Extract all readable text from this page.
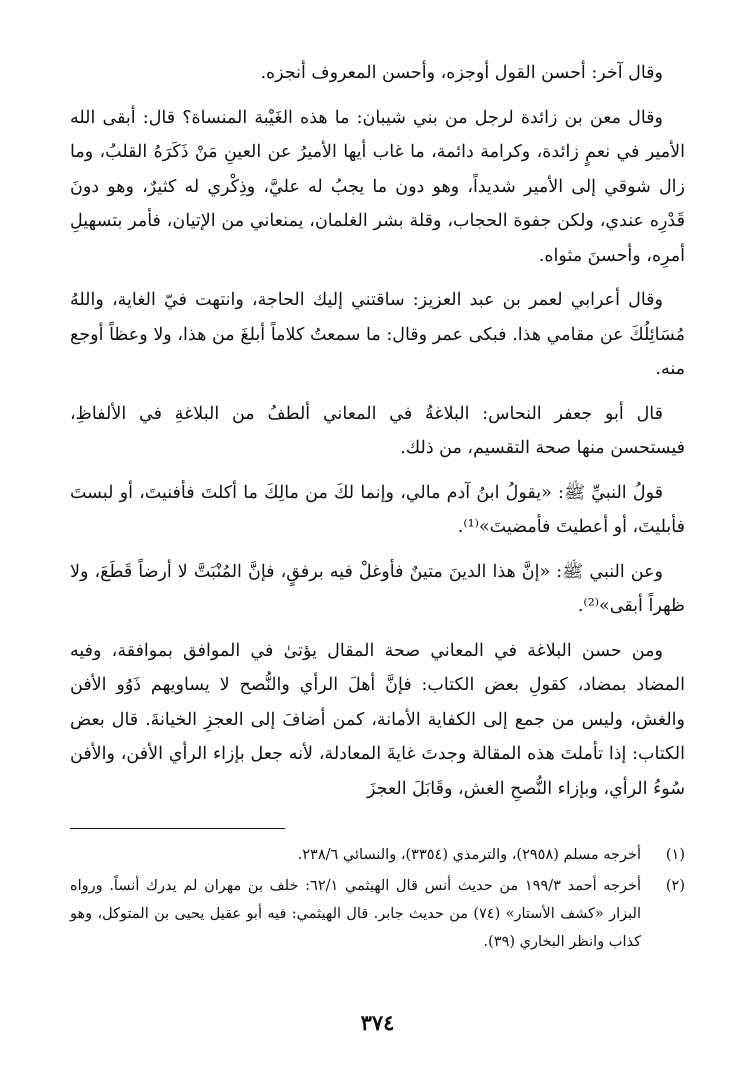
وقال آخر: أحسن القول أوجزه، وأحسن المعروف أنجزه.

وقال معن بن زائدة لرجل من بني شيبان: ما هذه الغَيْبة المنساة؟ قال: أبقى الله الأمير في نعمٍ زائدة، وكرامة دائمة، ما غاب أيها الأميرُ عن العينِ مَنْ ذَكَرَهُ القلبُ، وما زال شوقي إلى الأمير شديداً، وهو دون ما يجبُ له عليَّ، وذِكْري له كثيرٌ، وهو دونَ قَدْرِه عندي، ولكن جفوة الحجاب، وقلة بشر الغلمان، يمنعاني من الإتيان، فأمر بتسهيلِ أمرِه، وأحسنَ مثواه.

وقال أعرابي لعمر بن عبد العزيز: ساقتني إليك الحاجة، وانتهت فيّ الغاية، واللهُ مُسَائِلُكَ عن مقامي هذا. فبكى عمر وقال: ما سمعتُ كلاماً أبلغَ من هذا، ولا وعظاً أوجع منه.

قال أبو جعفر النحاس: البلاغةُ في المعاني ألطفُ من البلاغةِ في الألفاظِ، فيستحسن منها صحة التقسيم، من ذلك.

قولُ النبيِّ ﷺ: «يقولُ ابنُ آدم مالي، وإنما لكَ من مالِكَ ما أكلتَ فأفنيتَ، أو لبستَ فأبليتَ، أو أعطيتَ فأمضيتَ»⁽¹⁾.

وعن النبي ﷺ: «إنَّ هذا الدينَ متينٌ فأوغلْ فيه برفقٍ، فإنَّ المُنْبَتَّ لا أرضاً قَطَعَ، ولا ظهراً أبقى»⁽²⁾.

ومن حسن البلاغة في المعاني صحة المقال يؤتىٰ في الموافق بموافقة، وفيه المضاد بمضاد، كقولِ بعض الكتاب: فإنَّ أهلَ الرأي والنُّصح لا يساويهم ذَوُو الأفن والغش، وليس من جمع إلى الكفاية الأمانة، كمن أضافَ إلى العجزِ الخيانةَ. قال بعض الكتاب: إذا تأملتَ هذه المقالة وجدتَ غايةَ المعادلة، لأنه جعل بإزاء الرأي الأفن، والأفن سُوءُ الرأي، وبإزاء النُّصحِ الغش، وقَابَلَ العجزَ

(١)
أخرجه مسلم (٢٩٥٨)، والترمذي (٣٣٥٤)، والنسائي ٢٣٨/٦.
(٢)
أخرجه أحمد ١٩٩/٣ من حديث أنس قال الهيثمي ٦٢/١: خلف بن مهران لم يدرك أنساً. ورواه البزار «كشف الأستار» (٧٤) من حديث جابر. قال الهيثمي: فيه أبو عقيل يحيى بن المتوكل، وهو كذاب وانظر البخاري (٣٩).
٣٧٤
